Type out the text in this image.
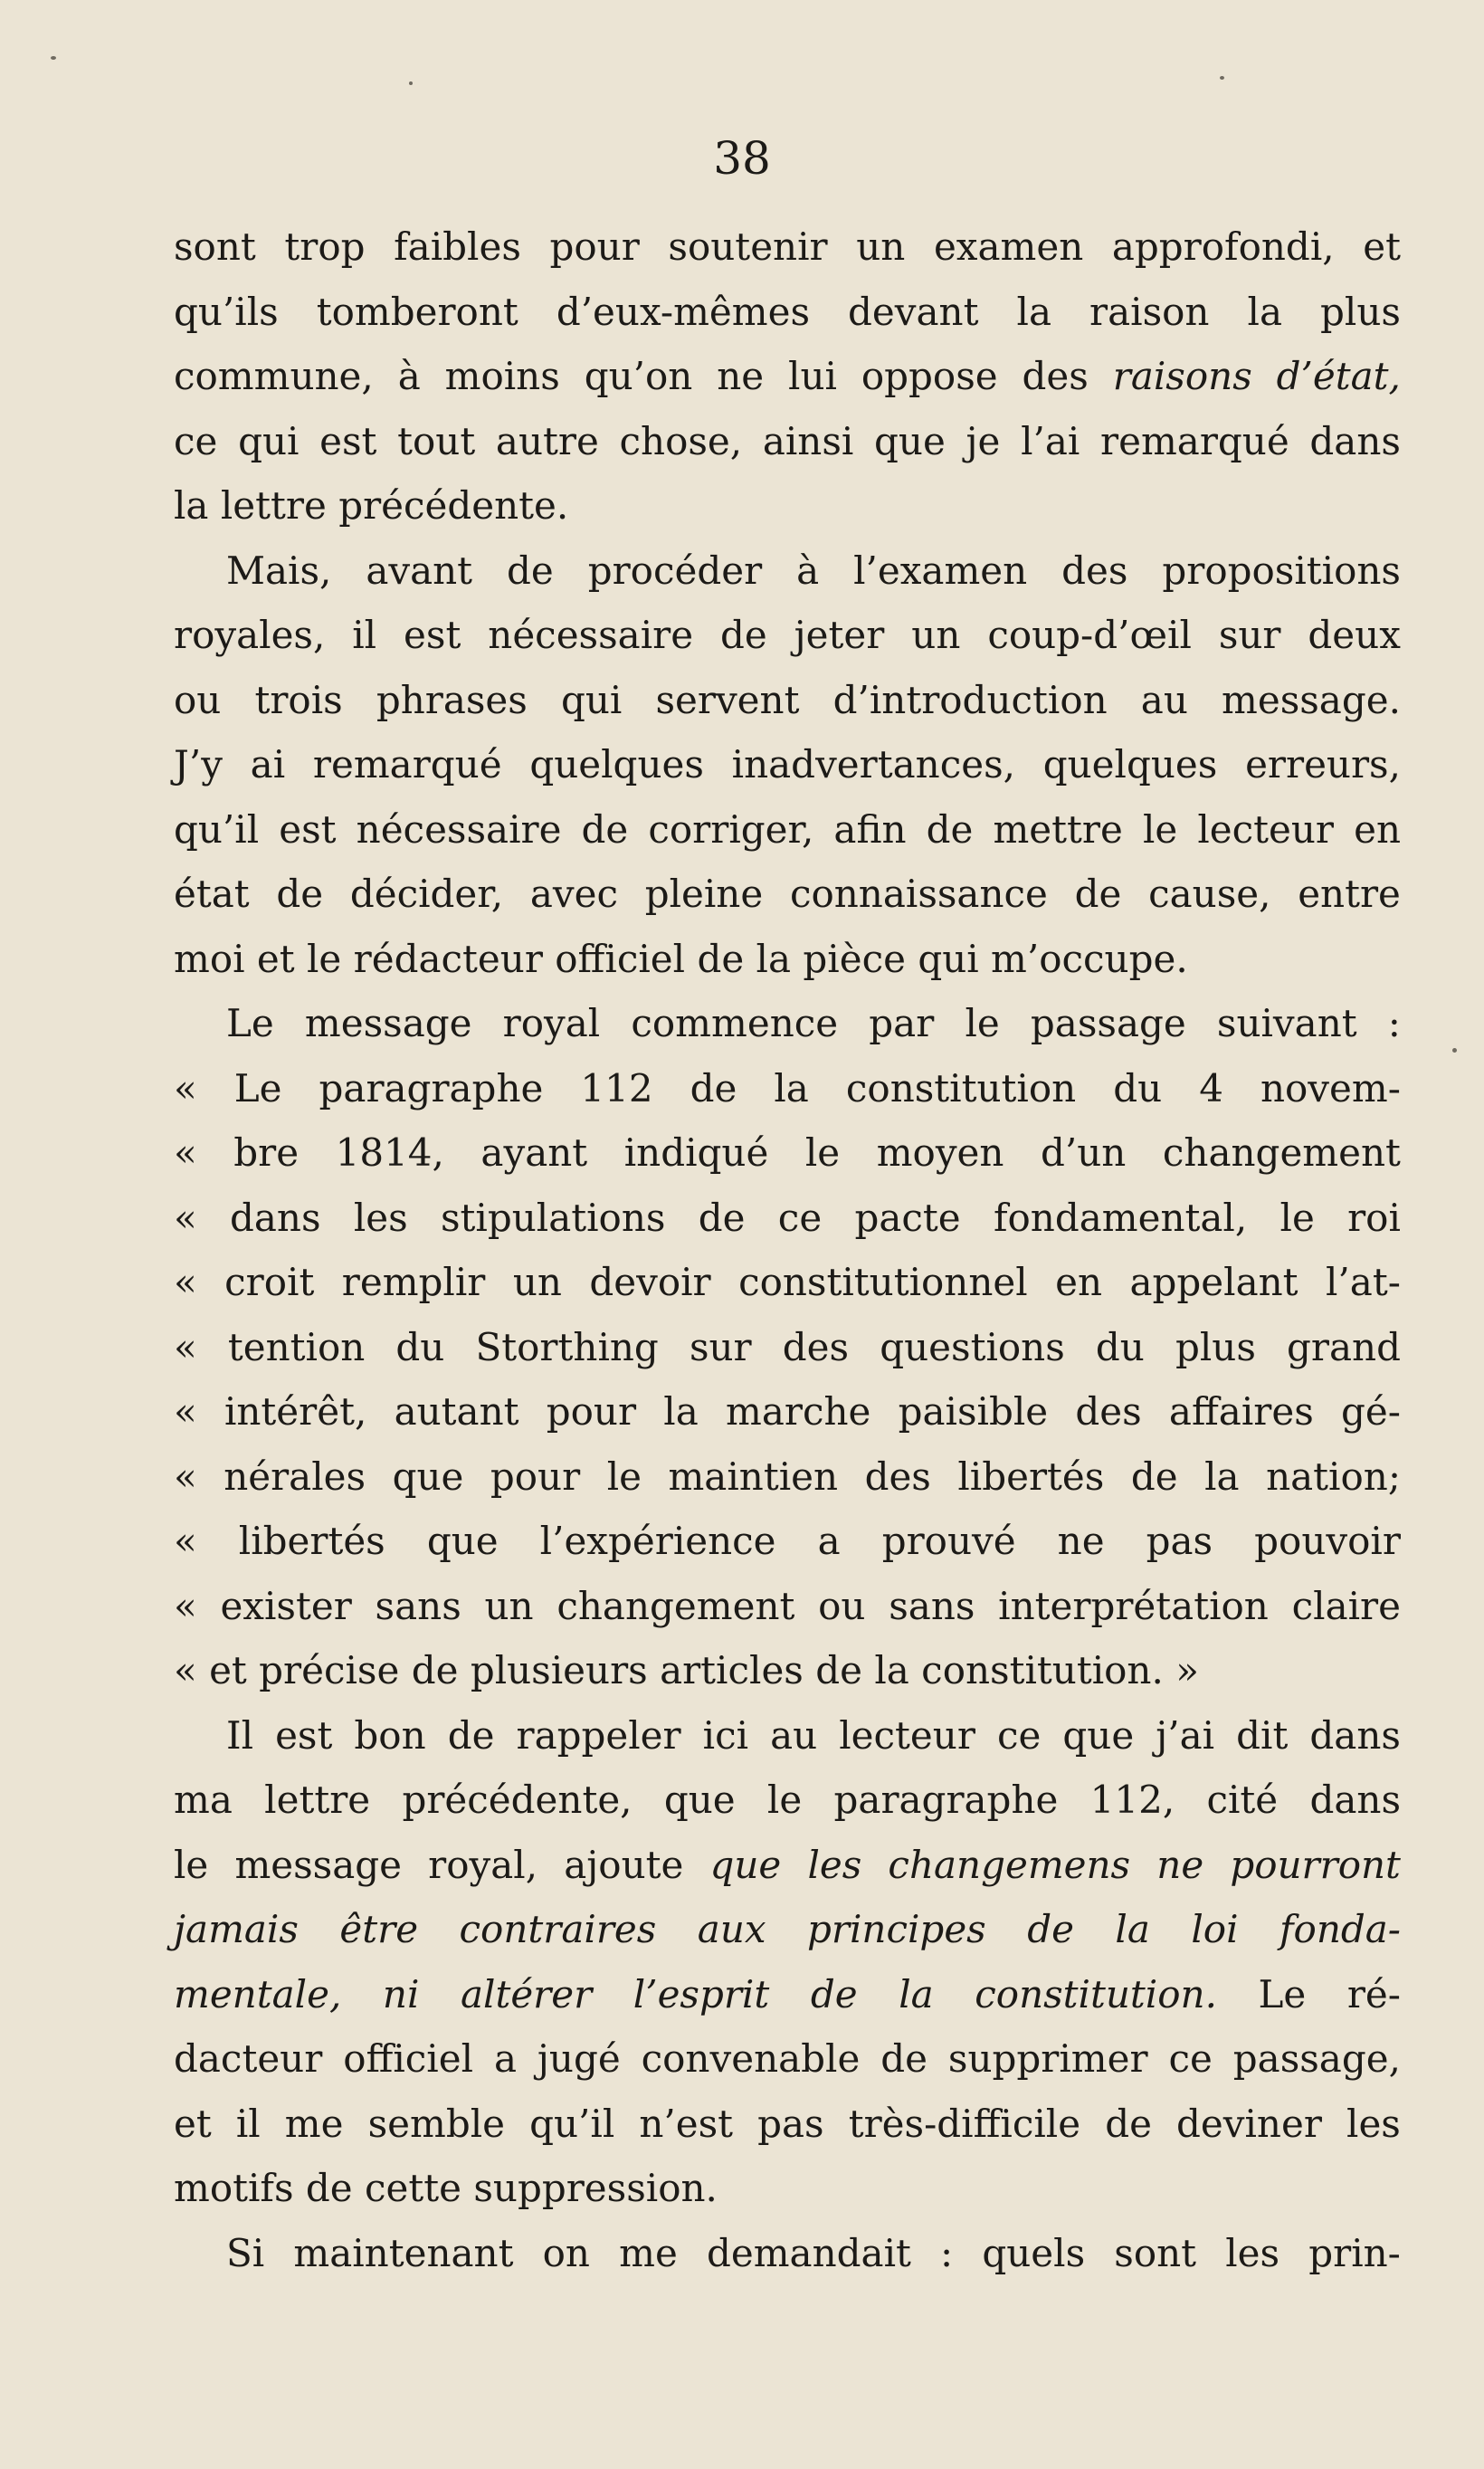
38
sont trop faibles pour soutenir un examen approfondi, et
qu’ils tomberont d’eux-mêmes devant la raison la plus
commune, à moins qu’on ne lui oppose des raisons d’état,
ce qui est tout autre chose, ainsi que je l’ai remarqué dans
la
lettre
précédente.
Mais, avant de procéder à l’examen des propositions
royales, il est nécessaire de jeter un coup-d’œil sur deux
ou trois phrases qui servent d’introduction au message.
J’y ai remarqué quelques inadvertances, quelques erreurs,
qu’il est nécessaire de corriger, afin de mettre le lecteur en
état de décider, avec pleine connaissance de cause, entre
moi
et
le
rédacteur
officiel
de
la
pièce
qui
m’occupe.
Le message royal commence par le passage suivant :
« Le paragraphe 112 de la constitution du 4 novem-
« bre 1814, ayant indiqué le moyen d’un changement
« dans les stipulations de ce pacte fondamental, le roi
« croit remplir un devoir constitutionnel en appelant l’at-
« tention du Storthing sur des questions du plus grand
« intérêt, autant pour la marche paisible des affaires gé-
« nérales que pour le maintien des libertés de la nation;
« libertés que l’expérience a prouvé ne pas pouvoir
« exister sans un changement ou sans interprétation claire
«
et
précise
de
plusieurs
articles
de
la
constitution.
»
Il est bon de rappeler ici au lecteur ce que j’ai dit dans
ma lettre précédente, que le paragraphe 112, cité dans
le message royal, ajoute que les changemens ne pourront
jamais être contraires aux principes de la loi fonda-
mentale, ni altérer l’esprit de la constitution. Le ré-
dacteur officiel a jugé convenable de supprimer ce passage,
et il me semble qu’il n’est pas très-difficile de deviner les
motifs
de
cette
suppression.
Si maintenant on me demandait : quels sont les prin-
